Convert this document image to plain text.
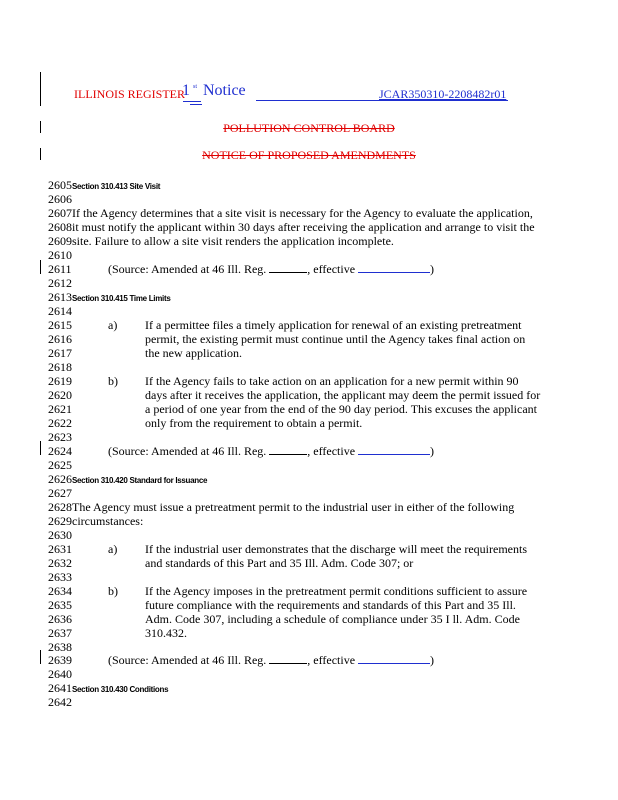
ILLINOIS REGISTER
1 st Notice	JCAR350310-2208482r01
POLLUTION CONTROL BOARD
NOTICE OF PROPOSED AMENDMENTS
2605Section 310.413 Site Visit
2606
2607If the Agency determines that a site visit is necessary for the Agency to evaluate the application,
2608it must notify the applicant within 30 days after receiving the application and arrange to visit the
2609site. Failure to allow a site visit renders the application incomplete.
2610
2611	(Source: Amended at 46 Ill. Reg.	, effective	)
2612
2613Section 310.415 Time Limits
2614
2615	a) If a permittee files a timely application for renewal of an existing pretreatment
2616	permit, the existing permit must continue until the Agency takes final action on
2617	the new application.
2618
2619	b) If the Agency fails to take action on an application for a new permit within 90
2620	days after it receives the application, the applicant may deem the permit issued for
2621	a period of one year from the end of the 90 day period. This excuses the applicant
2622	only from the requirement to obtain a permit.
2623
2624	(Source: Amended at 46 Ill. Reg.	, effective	)
2625
2626Section 310.420 Standard for Issuance
2627
2628The Agency must issue a pretreatment permit to the industrial user in either of the following
2629circumstances:
2630
2631	a) If the industrial user demonstrates that the discharge will meet the requirements
2632	and standards of this Part and 35 Ill. Adm. Code 307; or
2633
2634	b) If the Agency imposes in the pretreatment permit conditions sufficient to assure
2635	future compliance with the requirements and standards of this Part and 35 Ill.
2636	Adm. Code 307, including a schedule of compliance under 35 I ll. Adm. Code
2637	310.432.
2638
2639	(Source: Amended at 46 Ill. Reg.	, effective	)
2640
2641Section 310.430 Conditions
2642
